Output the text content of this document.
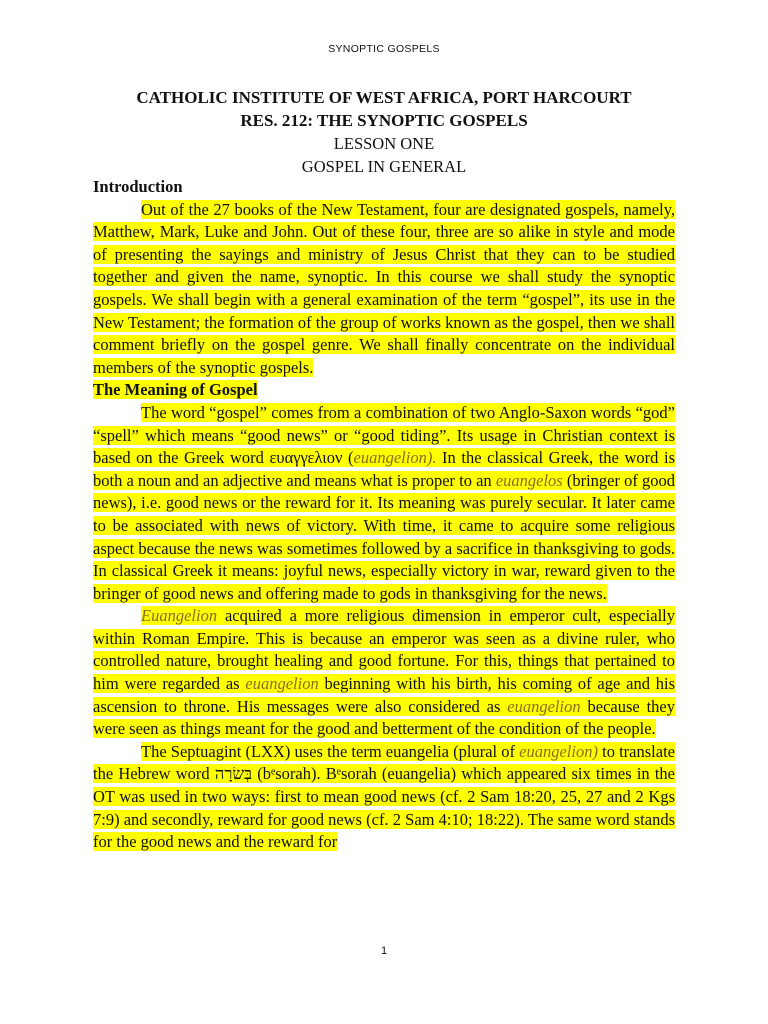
SYNOPTIC GOSPELS
CATHOLIC INSTITUTE OF WEST AFRICA, PORT HARCOURT
RES. 212: THE SYNOPTIC GOSPELS
LESSON ONE
GOSPEL IN GENERAL

Introduction

Out of the 27 books of the New Testament, four are designated gospels, namely, Matthew, Mark, Luke and John. Out of these four, three are so alike in style and mode of presenting the sayings and ministry of Jesus Christ that they can to be studied together and given the name, synoptic. In this course we shall study the synoptic gospels. We shall begin with a general examination of the term “gospel”, its use in the New Testament; the formation of the group of works known as the gospel, then we shall comment briefly on the gospel genre. We shall finally concentrate on the individual members of the synoptic gospels.

The Meaning of Gospel

The word “gospel” comes from a combination of two Anglo-Saxon words “god” “spell” which means “good news” or “good tiding”. Its usage in Christian context is based on the Greek word ευαγγελιον (euangelion). In the classical Greek, the word is both a noun and an adjective and means what is proper to an euangelos (bringer of good news), i.e. good news or the reward for it. Its meaning was purely secular. It later came to be associated with news of victory. With time, it came to acquire some religious aspect because the news was sometimes followed by a sacrifice in thanksgiving to gods. In classical Greek it means: joyful news, especially victory in war, reward given to the bringer of good news and offering made to gods in thanksgiving for the news.

Euangelion acquired a more religious dimension in emperor cult, especially within Roman Empire. This is because an emperor was seen as a divine ruler, who controlled nature, brought healing and good fortune. For this, things that pertained to him were regarded as euangelion beginning with his birth, his coming of age and his ascension to throne. His messages were also considered as euangelion because they were seen as things meant for the good and betterment of the condition of the people.

The Septuagint (LXX) uses the term euangelia (plural of euangelion) to translate the Hebrew word בְּשׂרָה (bᵉsorah). Bᵉsorah (euangelia) which appeared six times in the OT was used in two ways: first to mean good news (cf. 2 Sam 18:20, 25, 27 and 2 Kgs 7:9) and secondly, reward for good news (cf. 2 Sam 4:10; 18:22). The same word stands for the good news and the reward for

1
